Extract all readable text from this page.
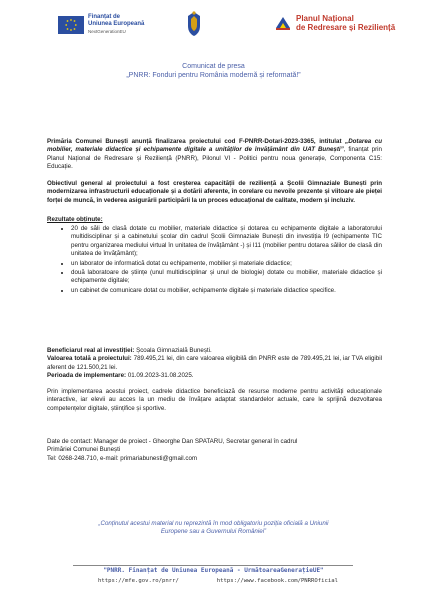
Finanțat de
Uniunea Europeană
NextGenerationEU
Planul Național
de Redresare și Reziliență
Comunicat de presa
„PNRR: Fonduri pentru România modernă și reformată!”
Primăria Comunei Bunești anunță finalizarea proiectului cod F-PNRR-Dotari-2023-3365, intitulat „Dotarea cu mobilier, materiale didactice și echipamente digitale a unităților de învățământ din UAT Bunești”, finanțat prin Planul Național de Redresare și Reziliență (PNRR), Pilonul VI - Politici pentru noua generație, Componenta C15: Educație.
Obiectivul general al proiectului a fost creșterea capacității de reziliență a Școlii Gimnaziale Bunești prin modernizarea infrastructurii educaționale și a dotării aferente, în corelare cu nevoile prezente și viitoare ale pieței forței de muncă, în vederea asigurării participării la un proces educațional de calitate, modern și incluziv.
Rezultate obținute:
• 20 de săli de clasă dotate cu mobilier, materiale didactice și dotarea cu echipamente digitale a laboratorului multidisciplinar și a cabinetului școlar din cadrul Școlii Gimnaziale Bunești din investiția I9 (echipamente TIC pentru organizarea mediului virtual în unitatea de învățământ -) și I11 (mobilier pentru dotarea sălilor de clasă din unitatea de învățământ);
• un laborator de informatică dotat cu echipamente, mobilier și materiale didactice;
• două laboratoare de științe (unul multidisciplinar și unul de biologie) dotate cu mobilier, materiale didactice și echipamente digitale;
• un cabinet de comunicare dotat cu mobilier, echipamente digitale și materiale didactice specifice.
Beneficiarul real al investiției: Școala Gimnazială Bunești.
Valoarea totală a proiectului: 789.495,21 lei, din care valoarea eligibilă din PNRR este de 789.495,21 lei, iar TVA eligibil aferent de 121.500,21 lei.
Perioada de implementare: 01.09.2023-31.08.2025.
Prin implementarea acestui proiect, cadrele didactice beneficiază de resurse moderne pentru activități educaționale interactive, iar elevii au acces la un mediu de învățare adaptat standardelor actuale, care le sprijină dezvoltarea competențelor digitale, științifice și sportive.
Date de contact: Manager de proiect - Gheorghe Dan SPATARU, Secretar general în cadrul
Primăriei Comunei Bunești
Tel: 0268-248.710, e-mail: primariabunesti@gmail.com
„Conținutul acestui material nu reprezintă în mod obligatoriu poziția oficială a Uniunii
Europene sau a Guvernului României”
"PNRR. Finanțat de Uniunea Europeană - UrmătoareaGenerațieUE"
https://mfe.gov.ro/pnrr/	https://www.facebook.com/PNRROficial
